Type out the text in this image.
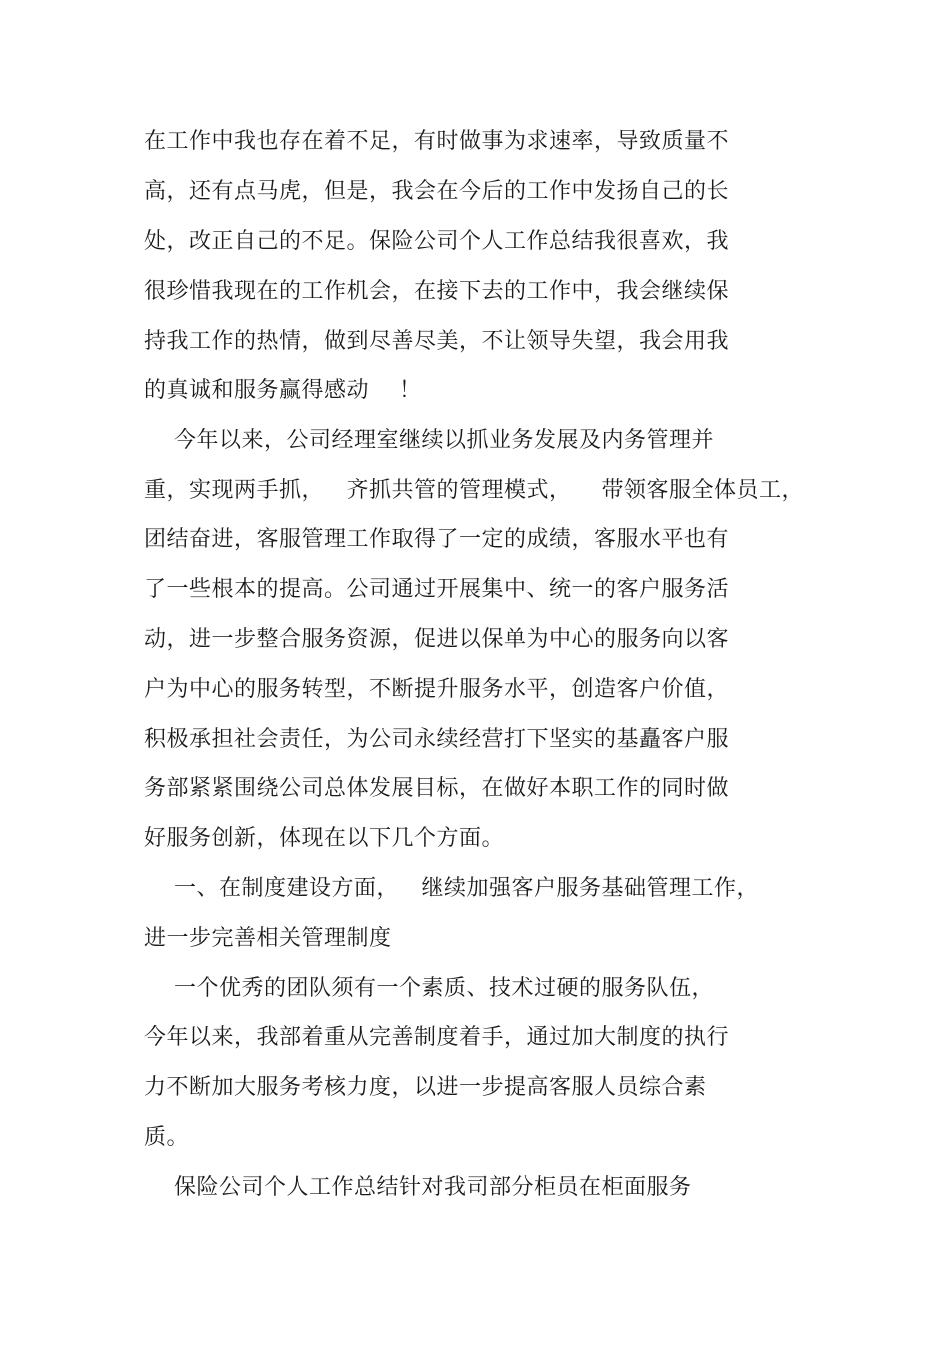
在工作中我也存在着不足，有时做事为求速率，导致质量不
高，还有点马虎，但是，我会在今后的工作中发扬自己的长
处，改正自己的不足。保险公司个人工作总结我很喜欢，我
很珍惜我现在的工作机会，在接下去的工作中，我会继续保
持我工作的热情，做到尽善尽美，不让领导失望，我会用我
的真诚和服务赢得感动    ！
今年以来，公司经理室继续以抓业务发展及内务管理并
重，实现两手抓，   齐抓共管的管理模式，    带领客服全体员工，
团结奋进，客服管理工作取得了一定的成绩，客服水平也有
了一些根本的提高。公司通过开展集中、统一的客户服务活
动，进一步整合服务资源，促进以保单为中心的服务向以客
户为中心的服务转型，不断提升服务水平，创造客户价值，
积极承担社会责任，为公司永续经营打下坚实的基矗客户服
务部紧紧围绕公司总体发展目标，在做好本职工作的同时做
好服务创新，体现在以下几个方面。
一、在制度建设方面，   继续加强客户服务基础管理工作，
进一步完善相关管理制度
一个优秀的团队须有一个素质、技术过硬的服务队伍，
今年以来，我部着重从完善制度着手，通过加大制度的执行
力不断加大服务考核力度，以进一步提高客服人员综合素
质。
保险公司个人工作总结针对我司部分柜员在柜面服务
